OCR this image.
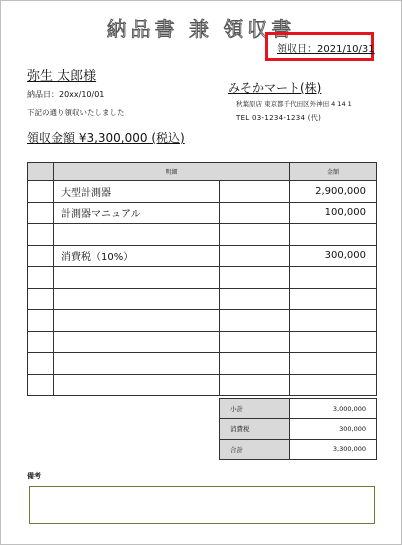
納品書 兼 領収書
領収日：2021/10/31
弥生 太郎様
納品日：20xx/10/01
下記の通り領収いたしました
領収金額 ¥3,300,000 (税込)
みそかマート(株)
秋葉原店 東京都千代田区外神田 4 14 1
TEL 03-1234-1234 (代)
	明細		金額
	大型計測器		2,900,000
	計測器マニュアル		100,000

	消費税（10%）		300,000

小計	3,000,000
消費税	300,000
合計	3,300,000
備考
